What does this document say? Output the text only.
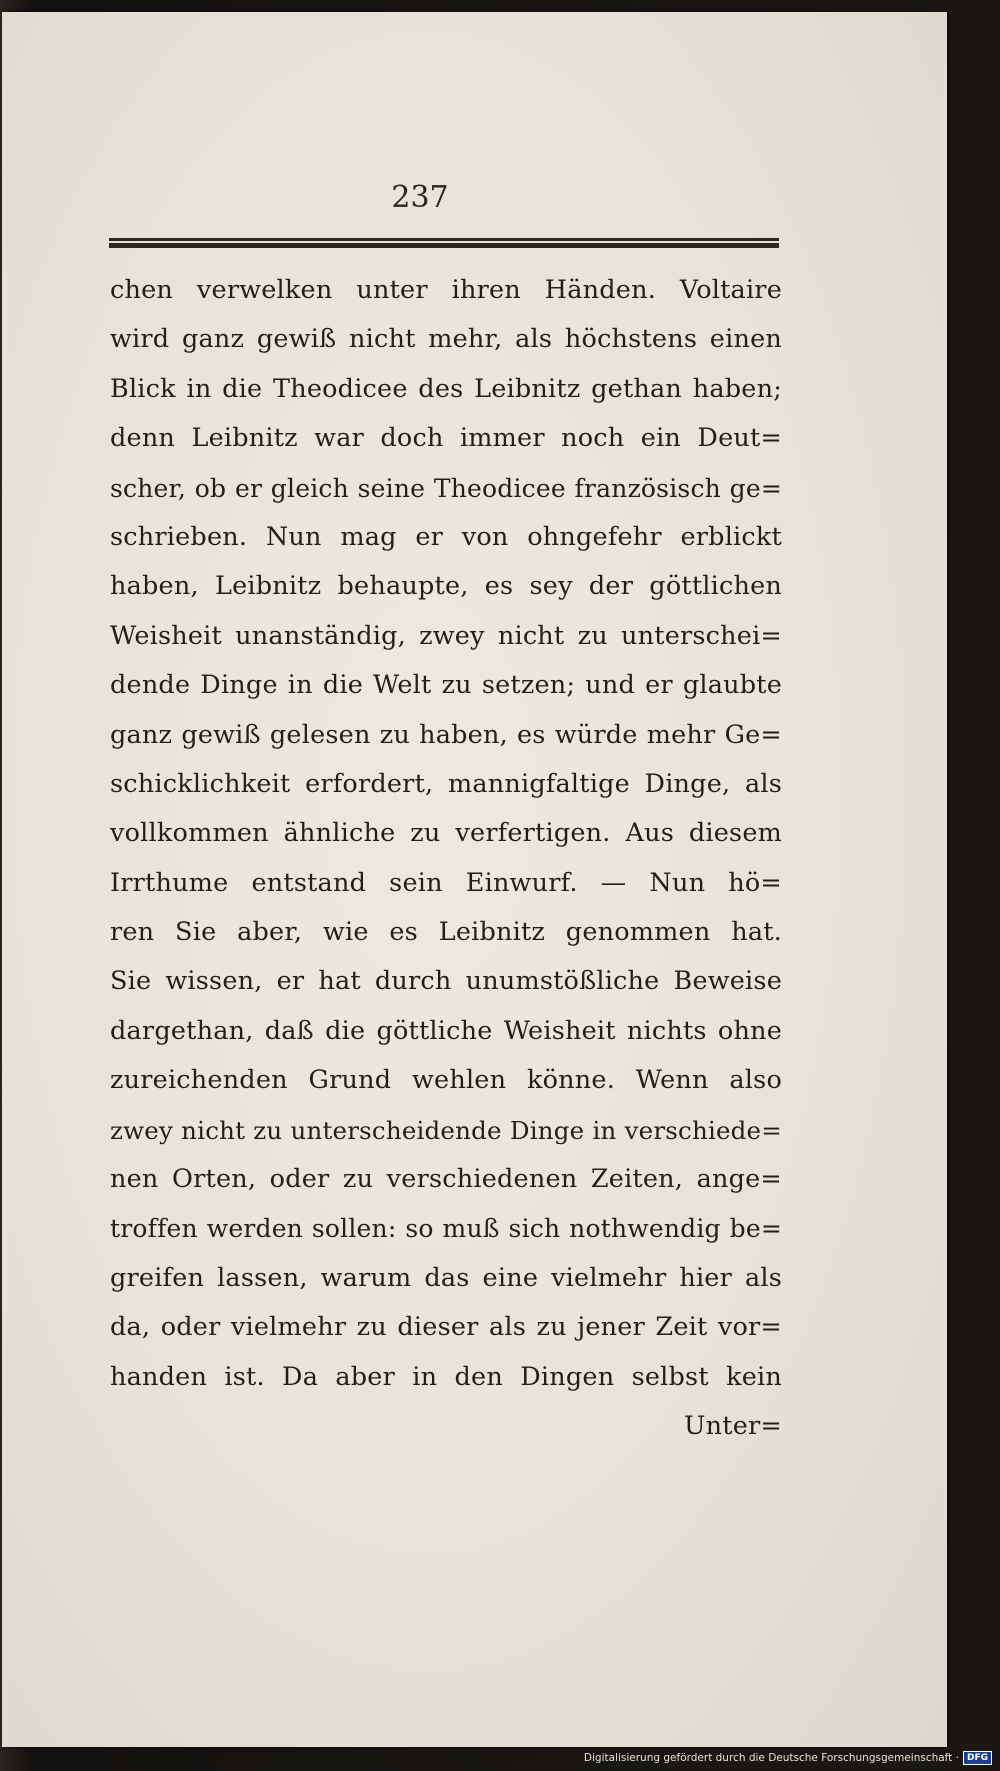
237
chen verwelken unter ihren Händen. Voltaire
wird ganz gewiß nicht mehr, als höchstens einen
Blick in die Theodicee des Leibnitz gethan haben;
denn Leibnitz war doch immer noch ein Deut=
scher, ob er gleich seine Theodicee französisch ge=
schrieben. Nun mag er von ohngefehr erblickt
haben, Leibnitz behaupte, es sey der göttlichen
Weisheit unanständig, zwey nicht zu unterschei=
dende Dinge in die Welt zu setzen; und er glaubte
ganz gewiß gelesen zu haben, es würde mehr Ge=
schicklichkeit erfordert, mannigfaltige Dinge, als
vollkommen ähnliche zu verfertigen. Aus diesem
Irrthume entstand sein Einwurf. — Nun hö=
ren Sie aber, wie es Leibnitz genommen hat.
Sie wissen, er hat durch unumstößliche Beweise
dargethan, daß die göttliche Weisheit nichts ohne
zureichenden Grund wehlen könne. Wenn also
zwey nicht zu unterscheidende Dinge in verschiede=
nen Orten, oder zu verschiedenen Zeiten, ange=
troffen werden sollen: so muß sich nothwendig be=
greifen lassen, warum das eine vielmehr hier als
da, oder vielmehr zu dieser als zu jener Zeit vor=
handen ist. Da aber in den Dingen selbst kein
Unter=
Digitalisierung gefördert durch die Deutsche Forschungsgemeinschaft · DFG
